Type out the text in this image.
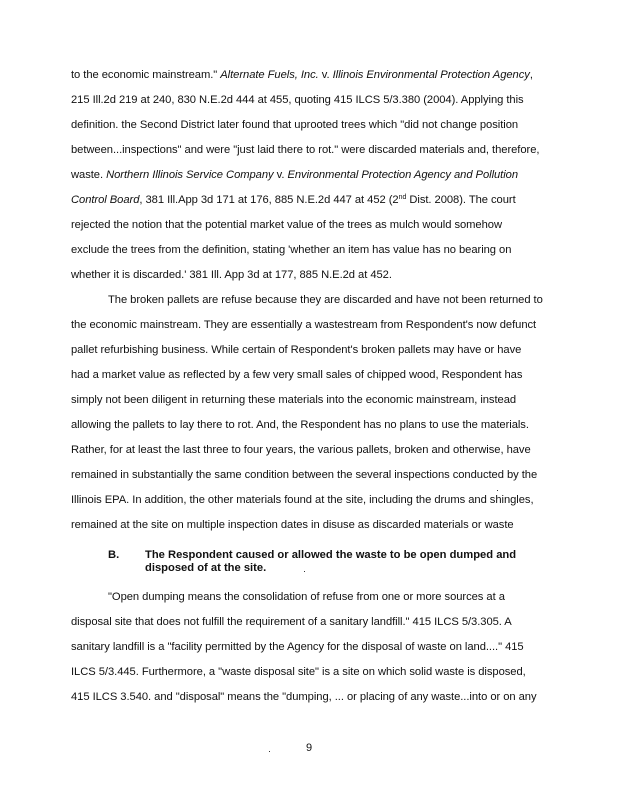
to the economic mainstream." Alternate Fuels, Inc. v. Illinois Environmental Protection Agency,
215 Ill.2d 219 at 240, 830 N.E.2d 444 at 455, quoting 415 ILCS 5/3.380 (2004). Applying this
definition. the Second District later found that uprooted trees which "did not change position
between...inspections" and were "just laid there to rot." were discarded materials and, therefore,
waste. Northern Illinois Service Company v. Environmental Protection Agency and Pollution
Control Board, 381 Ill.App 3d 171 at 176, 885 N.E.2d 447 at 452 (2nd Dist. 2008). The court
rejected the notion that the potential market value of the trees as mulch would somehow
exclude the trees from the definition, stating 'whether an item has value has no bearing on
whether it is discarded.' 381 Ill. App 3d at 177, 885 N.E.2d at 452.
The broken pallets are refuse because they are discarded and have not been returned to
the economic mainstream. They are essentially a wastestream from Respondent's now defunct
pallet refurbishing business. While certain of Respondent's broken pallets may have or have
had a market value as reflected by a few very small sales of chipped wood, Respondent has
simply not been diligent in returning these materials into the economic mainstream, instead
allowing the pallets to lay there to rot. And, the Respondent has no plans to use the materials.
Rather, for at least the last three to four years, the various pallets, broken and otherwise, have
remained in substantially the same condition between the several inspections conducted by the
Illinois EPA. In addition, the other materials found at the site, including the drums and shingles,
remained at the site on multiple inspection dates in disuse as discarded materials or waste
B. The Respondent caused or allowed the waste to be open dumped and
disposed of at the site.
"Open dumping means the consolidation of refuse from one or more sources at a
disposal site that does not fulfill the requirement of a sanitary landfill." 415 ILCS 5/3.305. A
sanitary landfill is a "facility permitted by the Agency for the disposal of waste on land...." 415
ILCS 5/3.445. Furthermore, a "waste disposal site" is a site on which solid waste is disposed,
415 ILCS 3.540. and "disposal" means the "dumping, ... or placing of any waste...into or on any
9
